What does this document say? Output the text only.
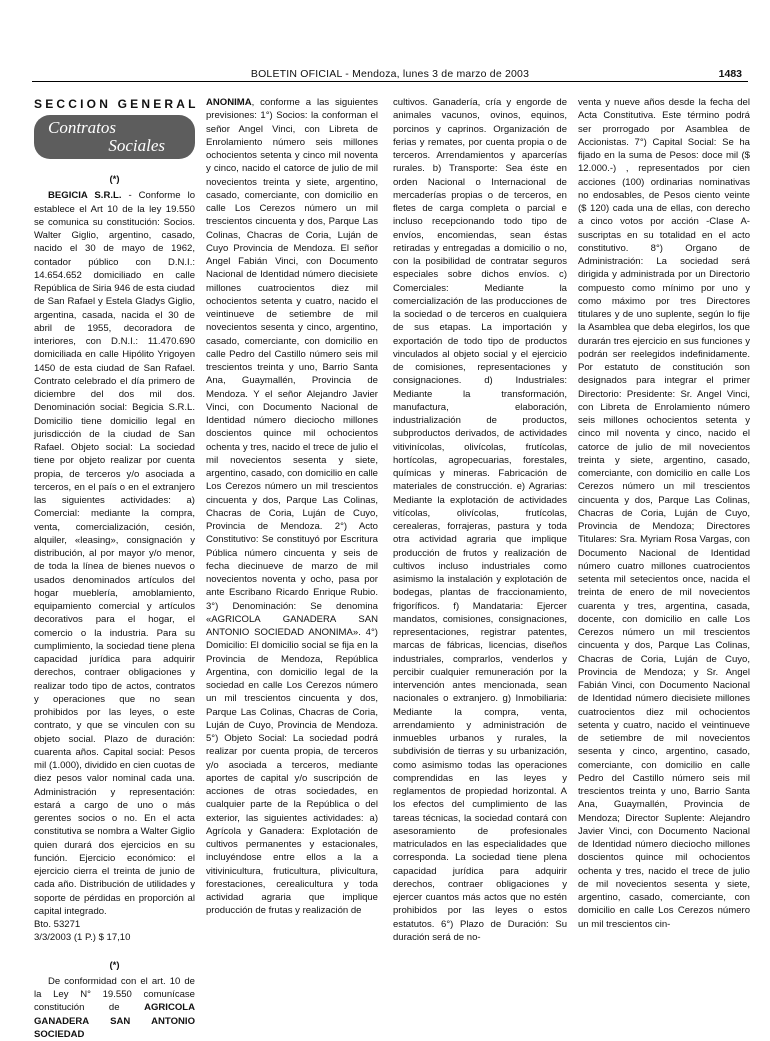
BOLETIN OFICIAL - Mendoza, lunes 3 de marzo de 2003	1483
SECCION GENERAL
Contratos
Sociales
(*)

BEGICIA S.R.L. - Conforme lo establece el Art 10 de la ley 19.550 se comunica su constitución: Socios. Walter Giglio, argentino, casado, nacido el 30 de mayo de 1962, contador público con D.N.I.: 14.654.652 domiciliado en calle República de Siria 946 de esta ciudad de San Rafael y Estela Gladys Giglio, argentina, casada, nacida el 30 de abril de 1955, decoradora de interiores, con D.N.I.: 11.470.690 domiciliada en calle Hipólito Yrigoyen 1450 de esta ciudad de San Rafael. Contrato celebrado el día primero de diciembre del dos mil dos. Denominación social: Begicia S.R.L. Domicilio tiene domicilio legal en jurisdicción de la ciudad de San Rafael. Objeto social: La sociedad tiene por objeto realizar por cuenta propia, de terceros y/o asociada a terceros, en el país o en el extranjero las siguientes actividades: a) Comercial: mediante la compra, venta, comercialización, cesión, alquiler, «leasing», consignación y distribución, al por mayor y/o menor, de toda la línea de bienes nuevos o usados denominados artículos del hogar mueblería, amoblamiento, equipamiento comercial y artículos decorativos para el hogar, el comercio o la industria. Para su cumplimiento, la sociedad tiene plena capacidad jurídica para adquirir derechos, contraer obligaciones y realizar todo tipo de actos, contratos y operaciones que no sean prohibidos por las leyes, o este contrato, y que se vinculen con su objeto social. Plazo de duración: cuarenta años. Capital social: Pesos mil (1.000), dividido en cien cuotas de diez pesos valor nominal cada una. Administración y representación: estará a cargo de uno o más gerentes socios o no. En el acta constitutiva se nombra a Walter Giglio quien durará dos ejercicios en su función. Ejercicio económico: el ejercicio cierra el treinta de junio de cada año. Distribución de utilidades y soporte de pérdidas en proporción al capital integrado.

Bto. 53271

3/3/2003 (1 P.) $ 17,10

(*)

De conformidad con el art. 10 de la Ley N° 19.550 comunícase constitución de AGRICOLA GANADERA SAN ANTONIO SOCIEDAD

ANONIMA, conforme a las siguientes previsiones: 1°) Socios: la conforman el señor Angel Vinci, con Libreta de Enrolamiento número seis millones ochocientos setenta y cinco mil noventa y cinco, nacido el catorce de julio de mil novecientos treinta y siete, argentino, casado, comerciante, con domicilio en calle Los Cerezos número un mil trescientos cincuenta y dos, Parque Las Colinas, Chacras de Coria, Luján de Cuyo Provincia de Mendoza. El señor Angel Fabián Vinci, con Documento Nacional de Identidad número diecisiete millones cuatrocientos diez mil ochocientos setenta y cuatro, nacido el veintinueve de setiembre de mil novecientos sesenta y cinco, argentino, casado, comerciante, con domicilio en calle Pedro del Castillo número seis mil trescientos treinta y uno, Barrio Santa Ana, Guaymallén, Provincia de Mendoza. Y el señor Alejandro Javier Vinci, con Documento Nacional de Identidad número dieciocho millones doscientos quince mil ochocientos ochenta y tres, nacido el trece de julio el mil novecientos sesenta y siete, argentino, casado, con domicilio en calle Los Cerezos número un mil trescientos cincuenta y dos, Parque Las Colinas, Chacras de Coria, Luján de Cuyo, Provincia de Mendoza. 2°) Acto Constitutivo: Se constituyó por Escritura Pública número cincuenta y seis de fecha diecinueve de marzo de mil novecientos noventa y ocho, pasa por ante Escribano Ricardo Enrique Rubio. 3°) Denominación: Se denomina «AGRICOLA GANADERA SAN ANTONIO SOCIEDAD ANONIMA». 4°) Domicilio: El domicilio social se fija en la Provincia de Mendoza, República Argentina, con domicilio legal de la sociedad en calle Los Cerezos número un mil trescientos cincuenta y dos, Parque Las Colinas, Chacras de Coria, Luján de Cuyo, Provincia de Mendoza. 5°) Objeto Social: La sociedad podrá realizar por cuenta propia, de terceros y/o asociada a terceros, mediante aportes de capital y/o suscripción de acciones de otras sociedades, en cualquier parte de la República o del exterior, las siguientes actividades: a) Agrícola y Ganadera: Explotación de cultivos permanentes y estacionales, incluyéndose entre ellos a la a vitivinicultura, fruticultura, plivicultura, forestaciones, cerealicultura y toda actividad agraria que implique producción de frutas y realización de

cultivos. Ganadería, cría y engorde de animales vacunos, ovinos, equinos, porcinos y caprinos. Organización de ferias y remates, por cuenta propia o de terceros. Arrendamientos y aparcerías rurales. b) Transporte: Sea éste en orden Nacional o Internacional de mercaderías propias o de terceros, en fletes de carga completa o parcial e incluso recepcionando todo tipo de envíos, encomiendas, sean éstas retiradas y entregadas a domicilio o no, con la posibilidad de contratar seguros especiales sobre dichos envíos. c) Comerciales: Mediante la comercialización de las producciones de la sociedad o de terceros en cualquiera de sus etapas. La importación y exportación de todo tipo de productos vinculados al objeto social y el ejercicio de comisiones, representaciones y consignaciones. d) Industriales: Mediante la transformación, manufactura, elaboración, industrialización de productos, subproductos derivados, de actividades vitivinícolas, olivícolas, frutícolas, hortícolas, agropecuarias, forestales, químicas y mineras. Fabricación de materiales de construcción. e) Agrarias: Mediante la explotación de actividades vitícolas, olivícolas, frutícolas, cerealeras, forrajeras, pastura y toda otra actividad agraria que implique producción de frutos y realización de cultivos incluso industriales como asimismo la instalación y explotación de bodegas, plantas de fraccionamiento, frigoríficos. f) Mandataria: Ejercer mandatos, comisiones, consignaciones, representaciones, registrar patentes, marcas de fábricas, licencias, diseños industriales, comprarlos, venderlos y percibir cualquier remuneración por la intervención antes mencionada, sean nacionales o extranjero. g) Inmobiliaria: Mediante la compra, venta, arrendamiento y administración de inmuebles urbanos y rurales, la subdivisión de tierras y su urbanización, como asimismo todas las operaciones comprendidas en las leyes y reglamentos de propiedad horizontal. A los efectos del cumplimiento de las tareas técnicas, la sociedad contará con asesoramiento de profesionales matriculados en las especialidades que corresponda. La sociedad tiene plena capacidad jurídica para adquirir derechos, contraer obligaciones y ejercer cuantos más actos que no estén prohibidos por las leyes o estos estatutos. 6°) Plazo de Duración: Su duración será de no-

venta y nueve años desde la fecha del Acta Constitutiva. Este término podrá ser prorrogado por Asamblea de Accionistas. 7°) Capital Social: Se ha fijado en la suma de Pesos: doce mil ($ 12.000.-) , representados por cien acciones (100) ordinarias nominativas no endosables, de Pesos ciento veinte ($ 120) cada una de ellas, con derecho a cinco votos por acción -Clase A- suscriptas en su totalidad en el acto constitutivo. 8°) Organo de Administración: La sociedad será dirigida y administrada por un Directorio compuesto como mínimo por uno y como máximo por tres Directores titulares y de uno suplente, según lo fije la Asamblea que deba elegirlos, los que durarán tres ejercicio en sus funciones y podrán ser reelegidos indefinidamente. Por estatuto de constitución son designados para integrar el primer Directorio: Presidente: Sr. Angel Vinci, con Libreta de Enrolamiento número seis millones ochocientos setenta y cinco mil noventa y cinco, nacido el catorce de julio de mil novecientos treinta y siete, argentino, casado, comerciante, con domicilio en calle Los Cerezos número un mil trescientos cincuenta y dos, Parque Las Colinas, Chacras de Coria, Luján de Cuyo, Provincia de Mendoza; Directores Titulares: Sra. Myriam Rosa Vargas, con Documento Nacional de Identidad número cuatro millones cuatrocientos setenta mil setecientos once, nacida el treinta de enero de mil novecientos cuarenta y tres, argentina, casada, docente, con domicilio en calle Los Cerezos número un mil trescientos cincuenta y dos, Parque Las Colinas, Chacras de Coria, Luján de Cuyo, Provincia de Mendoza; y Sr. Angel Fabián Vinci, con Documento Nacional de Identidad número diecisiete millones cuatrocientos diez mil ochocientos setenta y cuatro, nacido el veintinueve de setiembre de mil novecientos sesenta y cinco, argentino, casado, comerciante, con domicilio en calle Pedro del Castillo número seis mil trescientos treinta y uno, Barrio Santa Ana, Guaymallén, Provincia de Mendoza; Director Suplente: Alejandro Javier Vinci, con Documento Nacional de Identidad número dieciocho millones doscientos quince mil ochocientos ochenta y tres, nacido el trece de julio de mil novecientos sesenta y siete, argentino, casado, comerciante, con domicilio en calle Los Cerezos número un mil trescientos cin-
